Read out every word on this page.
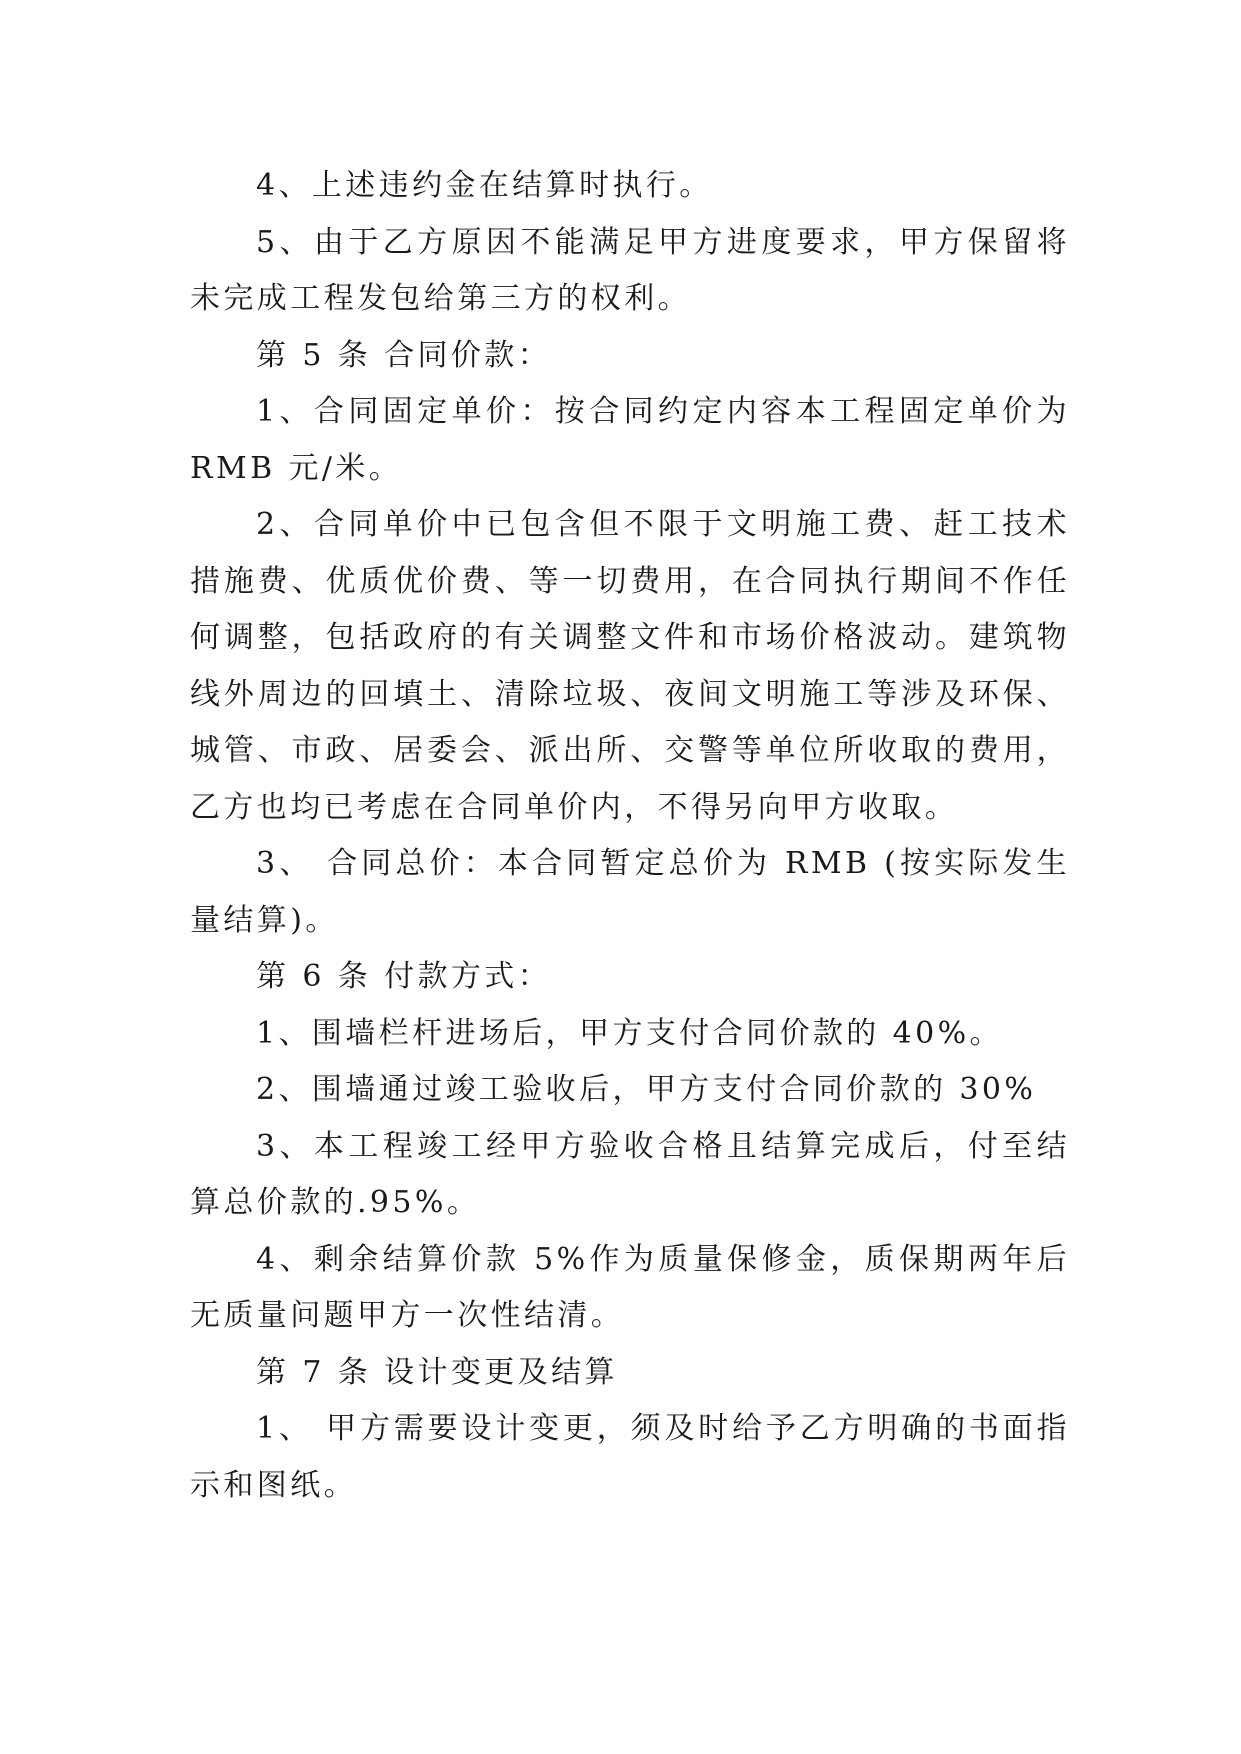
4、上述违约金在结算时执行。

5、由于乙方原因不能满足甲方进度要求，甲方保留将未完成工程发包给第三方的权利。

第 5 条 合同价款：

1、合同固定单价：按合同约定内容本工程固定单价为 RMB 元/米。

2、合同单价中已包含但不限于文明施工费、赶工技术措施费、优质优价费、等一切费用，在合同执行期间不作任何调整，包括政府的有关调整文件和市场价格波动。建筑物线外周边的回填土、清除垃圾、夜间文明施工等涉及环保、城管、市政、居委会、派出所、交警等单位所收取的费用，乙方也均已考虑在合同单价内，不得另向甲方收取。

3、 合同总价：本合同暂定总价为 RMB (按实际发生量结算)。

第 6 条 付款方式：

1、围墙栏杆进场后，甲方支付合同价款的 40%。

2、围墙通过竣工验收后，甲方支付合同价款的 30%

3、本工程竣工经甲方验收合格且结算完成后，付至结算总价款的.95%。

4、剩余结算价款 5%作为质量保修金，质保期两年后无质量问题甲方一次性结清。

第 7 条 设计变更及结算

1、 甲方需要设计变更，须及时给予乙方明确的书面指示和图纸。
